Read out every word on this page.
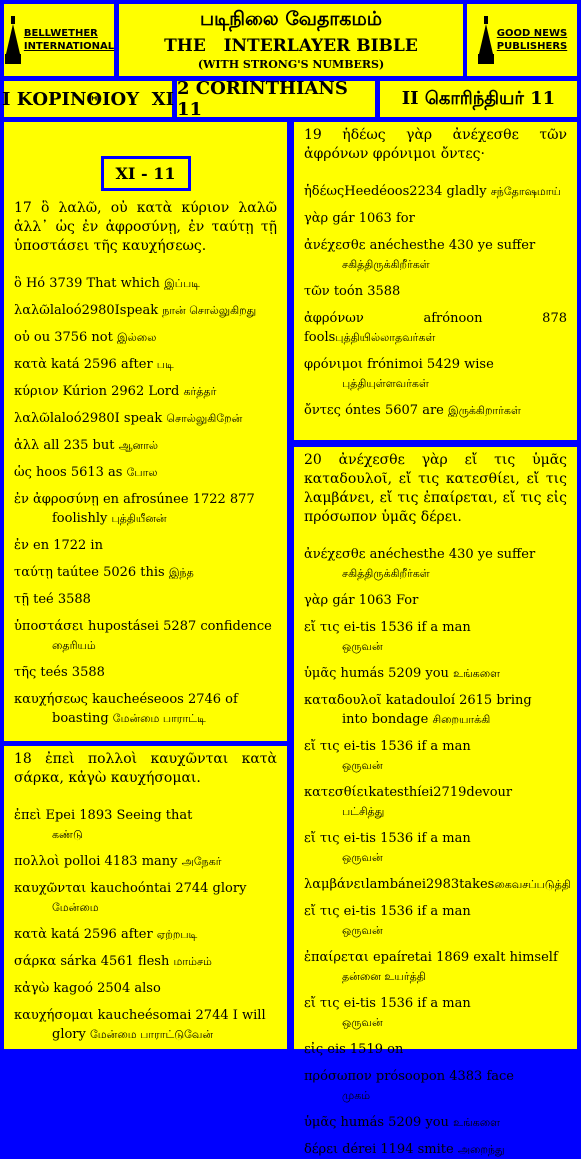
BELLWETHER
INTERNATIONAL
படிநிலை வேதாகமம்
THE   INTERLAYER BIBLE
(WITH STRONG'S NUMBERS)
GOOD NEWS
PUBLISHERS
I ΚΟΡΙΝΘΙΟΥ  XI 2 CORINTHIANS 11
II கொரிந்தியர் 11
XI - 11

17 ὃ λαλῶ, οὐ κατὰ κύριον λαλῶ ἀλλ᾽ ὡς ἐν ἀφροσύνῃ, ἐν ταύτῃ τῇ ὑποστάσει τῆς καυχήσεως.

ὃ Hó 3739 That which இப்படி
λαλῶlaloó2980Ispeak நான் சொல்லுகிறது
οὐ ou 3756 not இல்லை
κατὰ katá 2596 after படி
κύριον Kúrion 2962 Lord கர்த்தர்
λαλῶlaloó2980I speak சொல்லுகிறேன்
ἀλλ all 235 but ஆனால்
ὡς hoos 5613 as போல
ἐν ἀφροσύνῃ en afrosúnee 1722 877
foolishly புத்தியீனன்
ἐν en 1722 in
ταύτῃ taútee 5026 this இந்த
τῇ teé 3588
ὑποστάσει hupostásei 5287 confidence
தைரியம்
τῆς teés 3588
καυχήσεως kaucheéseoos 2746 of
boasting மேன்மை பாராட்டி

18 ἐπεὶ πολλοὶ καυχῶνται κατὰ σάρκα, κἀγὼ καυχήσομαι.

ἐπεὶ Epei 1893 Seeing that
கண்டு
πολλοὶ polloi 4183 many அநேகர்
καυχῶνται kauchoóntai 2744 glory
மேன்மை
κατὰ katá 2596 after ஏற்றபடி
σάρκα sárka 4561 flesh மாம்சம்
κἀγὼ kagoó 2504 also
καυχήσομαι kaucheésomai 2744 I will
glory மேன்மை பாராட்டுவேன்

19 ἡδέως γὰρ ἀνέχεσθε τῶν ἀφρόνων φρόνιμοι ὄντες·

ἡδέωςHeedéoos2234 gladly சந்தோஷமாய்
γὰρ gár 1063 for
ἀνέχεσθε anéchesthe 430 ye suffer
சகித்திருக்கிறீர்கள்
τῶν toón 3588
ἀφρόνων afrónoon 878 foolsபுத்தியில்லாதவர்கள்
φρόνιμοι frónimoi 5429 wise
புத்தியுள்ளவர்கள்
ὄντες óntes 5607 are இருக்கிறார்கள்

20 ἀνέχεσθε γὰρ εἴ τις ὑμᾶς καταδουλοῖ, εἴ τις κατεσθίει, εἴ τις λαμβάνει, εἴ τις ἐπαίρεται, εἴ τις εἰς πρόσωπον ὑμᾶς δέρει.

ἀνέχεσθε anéchesthe 430 ye suffer
சகித்திருக்கிறீர்கள்
γὰρ gár 1063 For
εἴ τις ei-tis 1536 if a man
ஒருவன்
ὑμᾶς humás 5209 you உங்களை
καταδουλοῖ katadouloí 2615 bring
into bondage சிறையாக்கி
εἴ τις ei-tis 1536 if a man
ஒருவன்
κατεσθίειkatesthíei2719devour
பட்சித்து
εἴ τις ei-tis 1536 if a man
ஒருவன்
λαμβάνειlambánei2983takesகைவசப்படுத்தி
εἴ τις ei-tis 1536 if a man
ஒருவன்
ἐπαίρεται epaíretai 1869 exalt himself
தன்னை உயர்த்தி
εἴ τις ei-tis 1536 if a man
ஒருவன்
εἰς eis 1519 on
πρόσωπον prósoopon 4383 face
முகம்
ὑμᾶς humás 5209 you உங்களை
δέρει dérei 1194 smite அறைந்து
